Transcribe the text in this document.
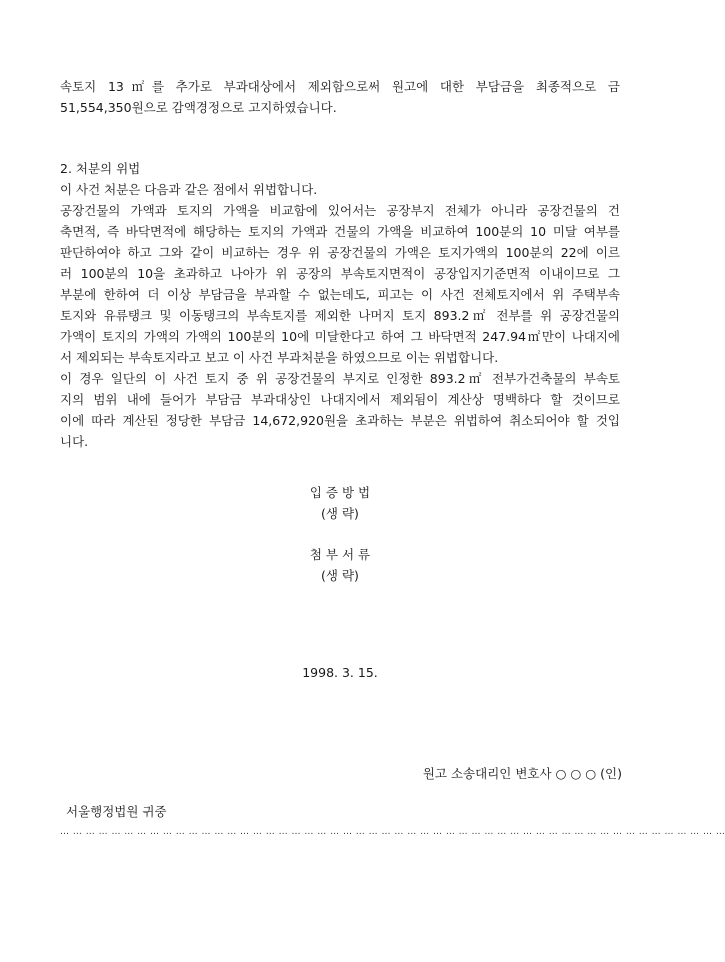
속토지 13㎡를 추가로 부과대상에서 제외함으로써 원고에 대한 부담금을 최종적으로 금
51,554,350원으로 감액경정으로 고지하였습니다.

2. 처분의 위법

이 사건 처분은 다음과 같은 점에서 위법합니다.

공장건물의 가액과 토지의 가액을 비교함에 있어서는 공장부지 전체가 아니라 공장건물의 건
축면적, 즉 바닥면적에 해당하는 토지의 가액과 건물의 가액을 비교하여 100분의 10 미달 여부를
판단하여야 하고 그와 같이 비교하는 경우 위 공장건물의 가액은 토지가액의 100분의 22에 이르
러 100분의 10을 초과하고 나아가 위 공장의 부속토지면적이 공장입지기준면적 이내이므로 그
부분에 한하여 더 이상 부담금을 부과할 수 없는데도, 피고는 이 사건 전체토지에서 위 주택부속
토지와 유류탱크 및 이동탱크의 부속토지를 제외한 나머지 토지 893.2㎡ 전부를 위 공장건물의
가액이 토지의 가액의 가액의 100분의 10에 미달한다고 하여 그 바닥면적 247.94㎡만이 나대지에
서 제외되는 부속토지라고 보고 이 사건 부과처분을 하였으므로 이는 위법합니다.

이 경우 일단의 이 사건 토지 중 위 공장건물의 부지로 인정한 893.2㎡ 전부가건축물의 부속토
지의 범위 내에 들어가 부담금 부과대상인 나대지에서 제외됨이 계산상 명백하다 할 것이므로
이에 따라 계산된 정당한 부담금 14,672,920원을 초과하는 부분은 위법하여 취소되어야 할 것입
니다.

입 증 방 법

(생 략)

첨 부 서 류

(생 략)

1998. 3. 15.

원고 소송대리인 변호사 ○ ○ ○ (인)

서울행정법원 귀중

… … … … … … … … … … … … … … … … … … … … … … … … … … … … … … … … … … … … … … … … … … … … … … … … … … … …
